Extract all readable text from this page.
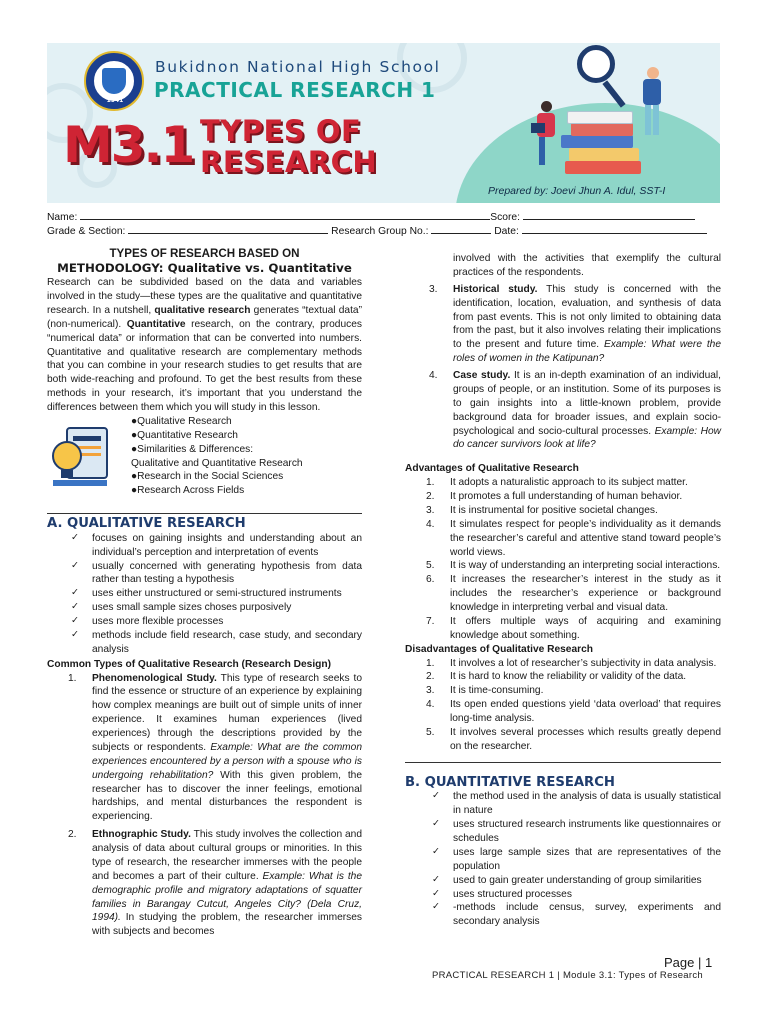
1941
Bukidnon National High School
PRACTICAL RESEARCH 1
M3.1 TYPES OF
RESEARCH
Prepared by: Joevi Jhun A. Idul, SST-I
Name:	Score:
Grade & Section:	Research Group No.:	Date:
TYPES OF RESEARCH BASED ON
METHODOLOGY: Qualitative vs. Quantitative

Research can be subdivided based on the data and variables involved in the study—these types are the qualitative and quantitative research. In a nutshell, qualitative research generates “textual data” (non-numerical). Quantitative research, on the contrary, produces “numerical data” or information that can be converted into numbers. Quantitative and qualitative research are complementary methods that you can combine in your research studies to get results that are both wide-reaching and profound. To get the best results from these methods in your research, it’s important that you understand the differences between them which you will study in this lesson.

●Qualitative Research
●Quantitative Research
●Similarities & Differences:
Qualitative and Quantitative Research
●Research in the Social Sciences
●Research Across Fields
A. QUALITATIVE RESEARCH
✓ focuses on gaining insights and understanding about an individual’s perception and interpretation of events
✓ usually concerned with generating hypothesis from data rather than testing a hypothesis
✓ uses either unstructured or semi-structured instruments
✓ uses small sample sizes choses purposively
✓ uses more flexible processes
✓ methods include field research, case study, and secondary analysis
Common Types of Qualitative Research (Research Design)
1. Phenomenological Study. This type of research seeks to find the essence or structure of an experience by explaining how complex meanings are built out of simple units of inner experience. It examines human experiences (lived experiences) through the descriptions provided by the subjects or respondents. Example: What are the common experiences encountered by a person with a spouse who is undergoing rehabilitation? With this given problem, the researcher has to discover the inner feelings, emotional hardships, and mental disturbances the respondent is experiencing.
2. Ethnographic Study. This study involves the collection and analysis of data about cultural groups or minorities. In this type of research, the researcher immerses with the people and becomes a part of their culture. Example: What is the demographic profile and migratory adaptations of squatter families in Barangay Cutcut, Angeles City? (Dela Cruz, 1994). In studying the problem, the researcher immerses with subjects and becomes

involved with the activities that exemplify the cultural practices of the respondents.

3. Historical study. This study is concerned with the identification, location, evaluation, and synthesis of data from past events. This is not only limited to obtaining data from the past, but it also involves relating their implications to the present and future time. Example: What were the roles of women in the Katipunan?
4. Case study. It is an in-depth examination of an individual, groups of people, or an institution. Some of its purposes is to gain insights into a little-known problem, provide background data for broader issues, and explain socio-psychological and socio-cultural processes. Example: How do cancer survivors look at life?
Advantages of Qualitative Research
1. It adopts a naturalistic approach to its subject matter.
2. It promotes a full understanding of human behavior.
3. It is instrumental for positive societal changes.
4. It simulates respect for people’s individuality as it demands the researcher’s careful and attentive stand toward people’s world views.
5. It is way of understanding an interpreting social interactions.
6. It increases the researcher’s interest in the study as it includes the researcher’s experience or background knowledge in interpreting verbal and visual data.
7. It offers multiple ways of acquiring and examining knowledge about something.
Disadvantages of Qualitative Research
1. It involves a lot of researcher’s subjectivity in data analysis.
2. It is hard to know the reliability or validity of the data.
3. It is time-consuming.
4. Its open ended questions yield ‘data overload’ that requires long-time analysis.
5. It involves several processes which results greatly depend on the researcher.
B. QUANTITATIVE RESEARCH
✓ the method used in the analysis of data is usually statistical in nature
✓ uses structured research instruments like questionnaires or schedules
✓ uses large sample sizes that are representatives of the population
✓ used to gain greater understanding of group similarities
✓ uses structured processes
✓ -methods include census, survey, experiments and secondary analysis
Page | 1
PRACTICAL RESEARCH 1 | Module 3.1: Types of Research
